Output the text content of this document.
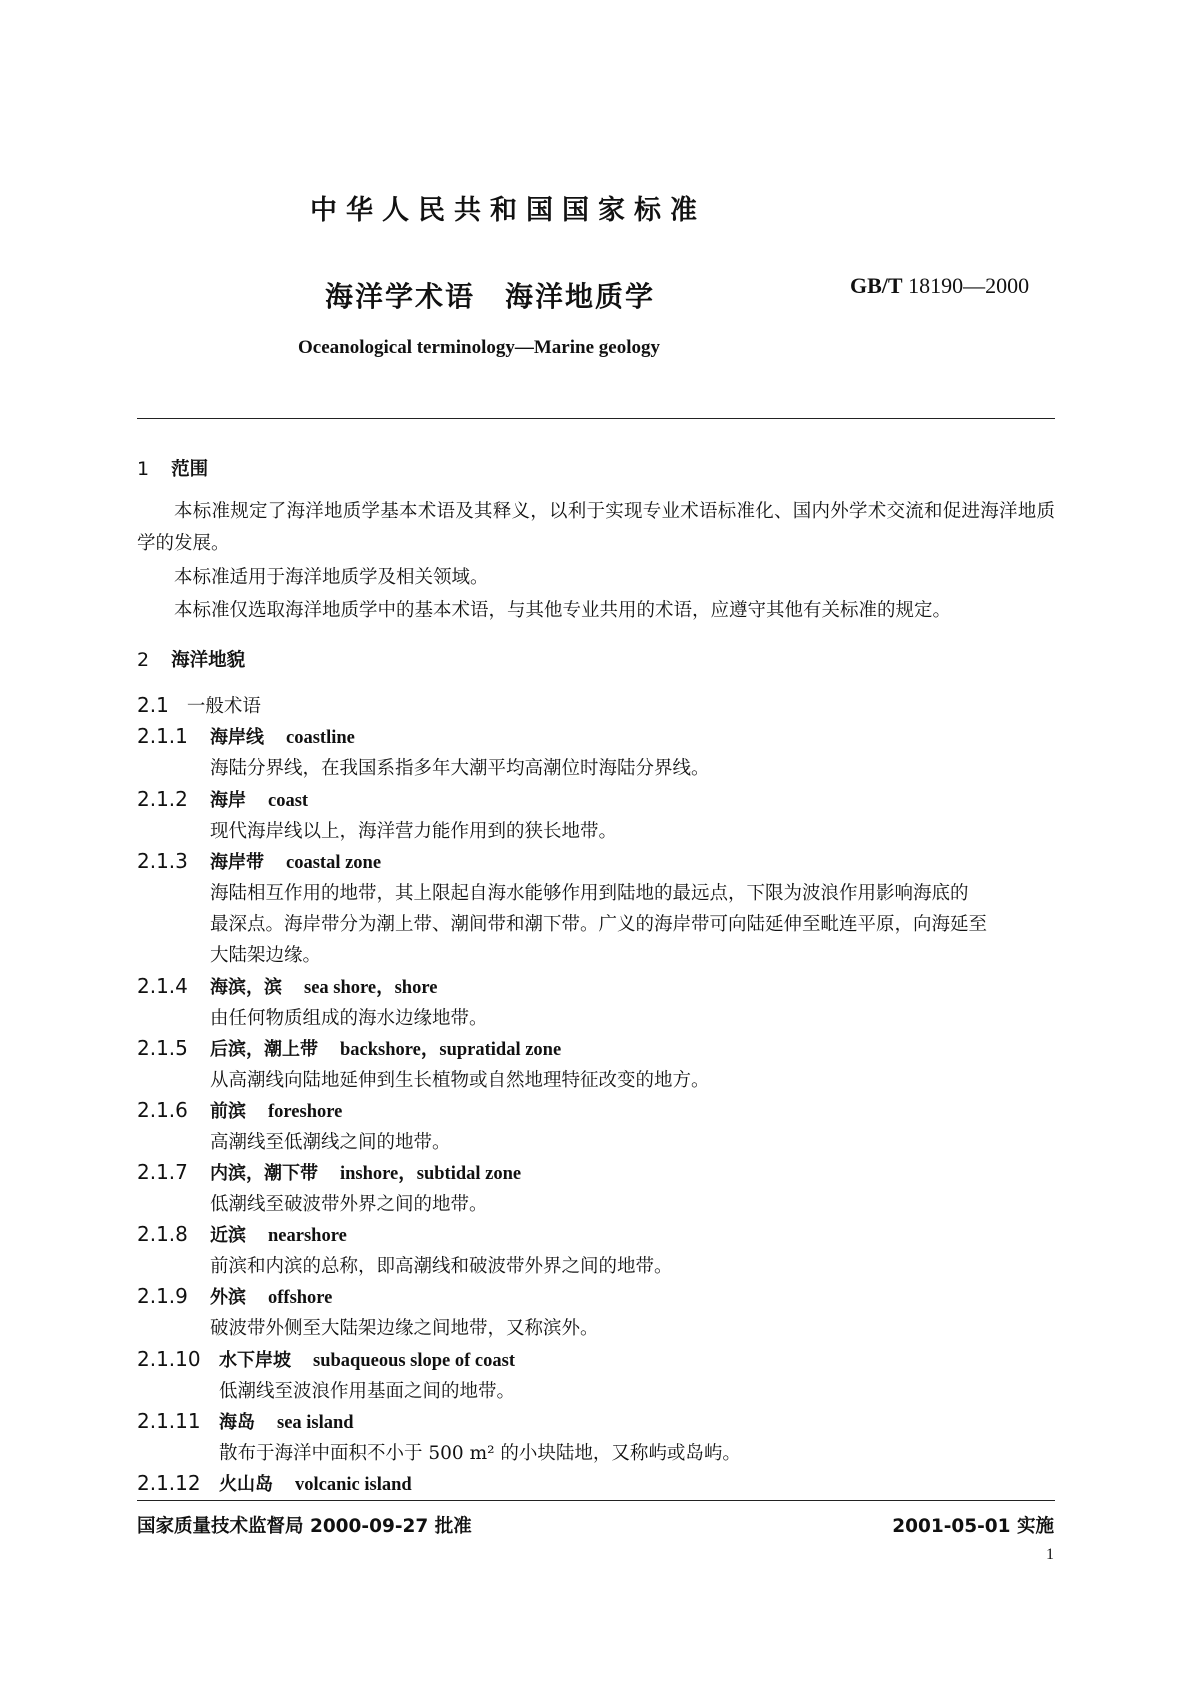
中华人民共和国国家标准
海洋学术语　海洋地质学	GB/T 18190—2000
Oceanological terminology—Marine geology
1 范围
本标准规定了海洋地质学基本术语及其释义，以利于实现专业术语标准化、国内外学术交流和促进海洋地质学的发展。
本标准适用于海洋地质学及相关领域。
本标准仅选取海洋地质学中的基本术语，与其他专业共用的术语，应遵守其他有关标准的规定。
2 海洋地貌
2.1 一般术语
2.1.1 海岸线 coastline
海陆分界线，在我国系指多年大潮平均高潮位时海陆分界线。
2.1.2 海岸 coast
现代海岸线以上，海洋营力能作用到的狭长地带。
2.1.3 海岸带 coastal zone
海陆相互作用的地带，其上限起自海水能够作用到陆地的最远点，下限为波浪作用影响海底的
最深点。海岸带分为潮上带、潮间带和潮下带。广义的海岸带可向陆延伸至毗连平原，向海延至
大陆架边缘。
2.1.4 海滨，滨 sea shore，shore
由任何物质组成的海水边缘地带。
2.1.5 后滨，潮上带 backshore，supratidal zone
从高潮线向陆地延伸到生长植物或自然地理特征改变的地方。
2.1.6 前滨 foreshore
高潮线至低潮线之间的地带。
2.1.7 内滨，潮下带 inshore，subtidal zone
低潮线至破波带外界之间的地带。
2.1.8 近滨 nearshore
前滨和内滨的总称，即高潮线和破波带外界之间的地带。
2.1.9 外滨 offshore
破波带外侧至大陆架边缘之间地带，又称滨外。
2.1.10 水下岸坡 subaqueous slope of coast
低潮线至波浪作用基面之间的地带。
2.1.11 海岛 sea island
散布于海洋中面积不小于 500 m² 的小块陆地，又称屿或岛屿。
2.1.12 火山岛 volcanic island
国家质量技术监督局 2000-09-27 批准	2001-05-01 实施
1
